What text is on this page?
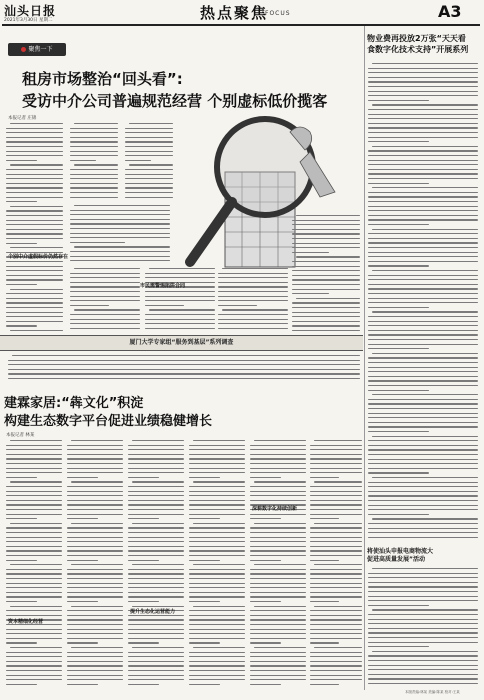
汕头日报
2021年3月30日 星期二	热点聚焦
FOCUS	A3
聚焦一下
租房市场整治“回头看”:
受访中介公司普遍规范经营 个别虚标低价揽客
本报记者 庄锦
个别中介虚假标价仍然存在
市民需警惕陷阱合同
物业费再投放2万张“天天看
食数字化技术支持”开展系列
将使汕头申报电商物流大
促进高质量发展”活动
厦门大学专家组“服务到基层”系列调查
建霖家居:“犇文化”积淀
构建生态数字平台促进业绩稳健增长
本报记者 林某
资本精细化经营
提升生态化运营能力
深耕数字化持续创新
本版责编:林某 美编:陈某 校对:王某
